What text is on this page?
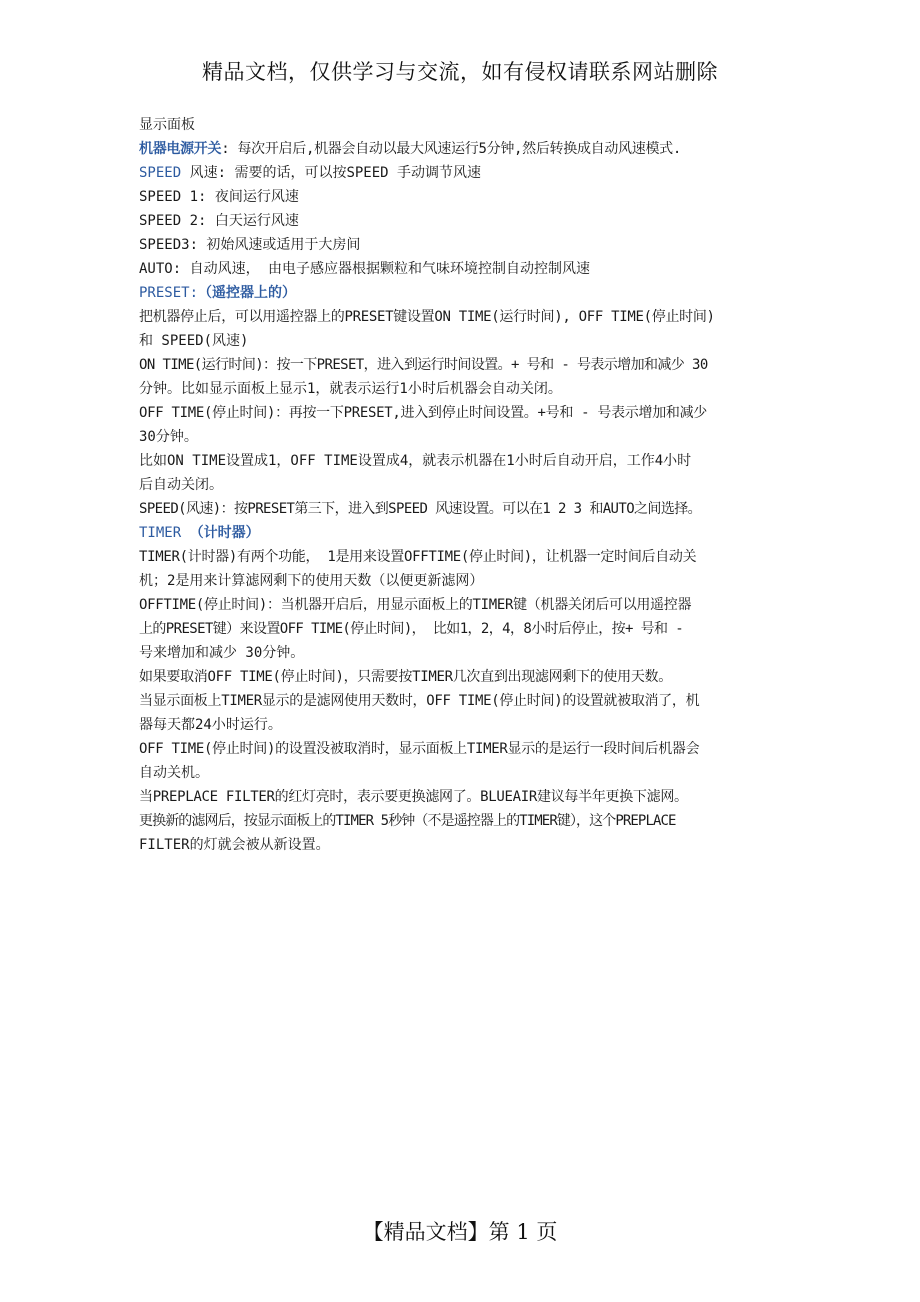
精品文档，仅供学习与交流，如有侵权请联系网站删除
显示面板
机器电源开关: 每次开启后,机器会自动以最大风速运行5分钟,然后转换成自动风速模式.
SPEED 风速: 需要的话，可以按SPEED 手动调节风速
SPEED 1: 夜间运行风速
SPEED 2: 白天运行风速
SPEED3: 初始风速或适用于大房间
AUTO: 自动风速， 由电子感应器根据颗粒和气味环境控制自动控制风速
PRESET:（遥控器上的）
把机器停止后，可以用遥控器上的PRESET键设置ON TIME(运行时间), OFF TIME(停止时间)
和 SPEED(风速)
ON TIME(运行时间)：按一下PRESET，进入到运行时间设置。+ 号和 - 号表示增加和减少 30
分钟。比如显示面板上显示1，就表示运行1小时后机器会自动关闭。
OFF TIME(停止时间)：再按一下PRESET,进入到停止时间设置。+号和 - 号表示增加和减少
30分钟。
比如ON TIME设置成1，OFF TIME设置成4，就表示机器在1小时后自动开启，工作4小时
后自动关闭。
SPEED(风速)：按PRESET第三下，进入到SPEED 风速设置。可以在1 2 3 和AUTO之间选择。
TIMER （计时器）
TIMER(计时器)有两个功能， 1是用来设置OFFTIME(停止时间)，让机器一定时间后自动关
机；2是用来计算滤网剩下的使用天数（以便更新滤网）
OFFTIME(停止时间)：当机器开启后，用显示面板上的TIMER键（机器关闭后可以用遥控器
上的PRESET键）来设置OFF TIME(停止时间)， 比如1，2，4，8小时后停止，按+ 号和 -
号来增加和减少 30分钟。
如果要取消OFF TIME(停止时间)，只需要按TIMER几次直到出现滤网剩下的使用天数。
当显示面板上TIMER显示的是滤网使用天数时，OFF TIME(停止时间)的设置就被取消了，机
器每天都24小时运行。
OFF TIME(停止时间)的设置没被取消时，显示面板上TIMER显示的是运行一段时间后机器会
自动关机。
当PREPLACE FILTER的红灯亮时，表示要更换滤网了。BLUEAIR建议每半年更换下滤网。
更换新的滤网后，按显示面板上的TIMER 5秒钟（不是遥控器上的TIMER键），这个PREPLACE
FILTER的灯就会被从新设置。
【精品文档】第 1 页
